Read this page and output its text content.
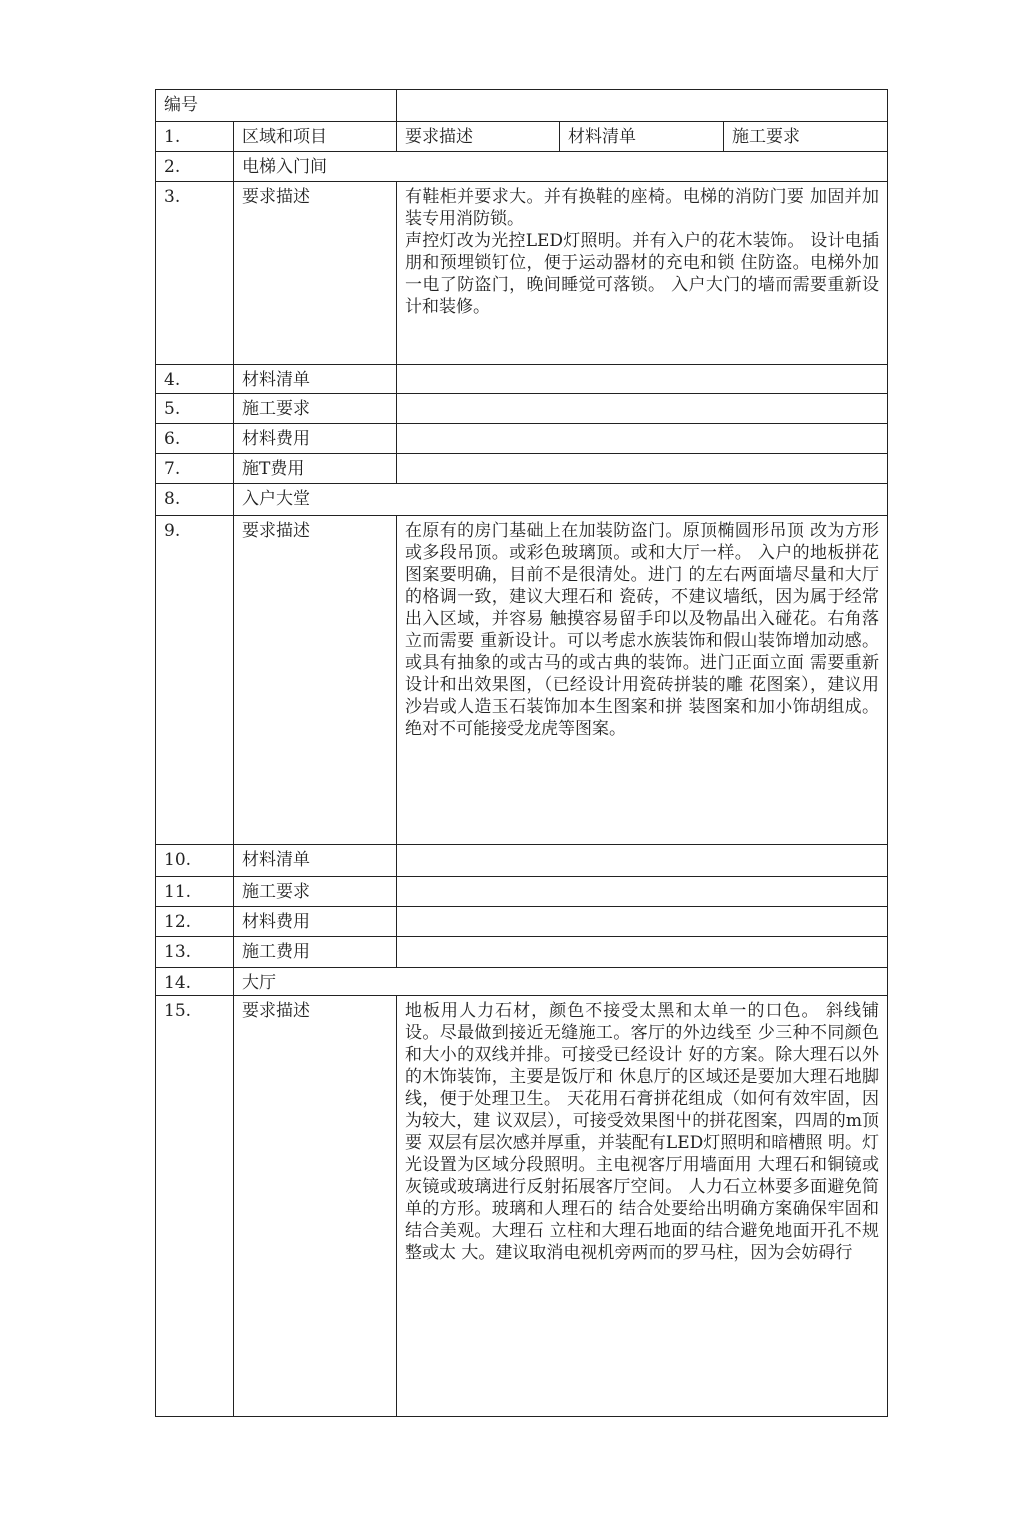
编号				
1.	区域和项目	要求描述	材料清单	施工要求
2.	电梯入门间			
3.	要求描述	有鞋柜并要求大。并有换鞋的座椅。电梯的消防门要 加固并加装专用消防锁。

声控灯改为光控LED灯照明。并有入户的花木装饰。 设计电插朋和预埋锁钉位，便于运动器材的充电和锁 住防盗。电梯外加一电了防盗门，晚间睡觉可落锁。 入户大门的墙而需要重新设计和装修。		

4.	材料清单			
5.	施工要求			
6.	材料费用			
7.	施T费用			
8.	入户大堂			
9.	要求描述	在原有的房门基础上在加装防盗门。原顶椭圆形吊顶 改为方形或多段吊顶。或彩色玻璃顶。或和大厅一样。 入户的地板拼花图案要明确，目前不是很清处。进门 的左右两面墙尽量和大厅的格调一致，建议大理石和 瓷砖，不建议墙纸，因为属于经常出入区域，并容易 触摸容易留手印以及物晶出入碰花。右角落立而需要 重新设计。可以考虑水族装饰和假山装饰增加动感。 或具有抽象的或古马的或古典的装饰。进门正面立面 需要重新设计和出效果图，（已经设计用瓷砖拼装的雕 花图案），建议用沙岩或人造玉石装饰加本生图案和拼 装图案和加小饰胡组成。绝对不可能接受龙虎等图案。		

10.	材料清单			
11.	施工要求			
12.	材料费用			
13.	施工费用			
14.	大厅			
15.	要求描述	地板用人力石材，颜色不接受太黑和太单一的口色。 斜线铺设。尽最做到接近无缝施工。客厅的外边线至 少三种不同颜色和大小的双线并排。可接受已经设计 好的方案。除大理石以外的木饰装饰，主要是饭厅和 休息厅的区域还是要加大理石地脚线，便于处理卫生。 天花用石膏拼花组成（如何有效牢固，因为较大，建 议双层），可接受效果图屮的拼花图案，四周的m顶要 双层有层次感并厚重，并装配有LED灯照明和暗槽照 明。灯光设置为区域分段照明。主电视客厅用墙面用 大理石和铜镜或灰镜或玻璃进行反射拓展客厅空间。 人力石立林要多面避免简单的方形。玻璃和人理石的 结合处要给出明确方案确保牢固和结合美观。大理石 立柱和大理石地面的结合避免地面开孔不规整或太 大。建议取消电视机旁两而的罗马柱，因为会妨碍行		
